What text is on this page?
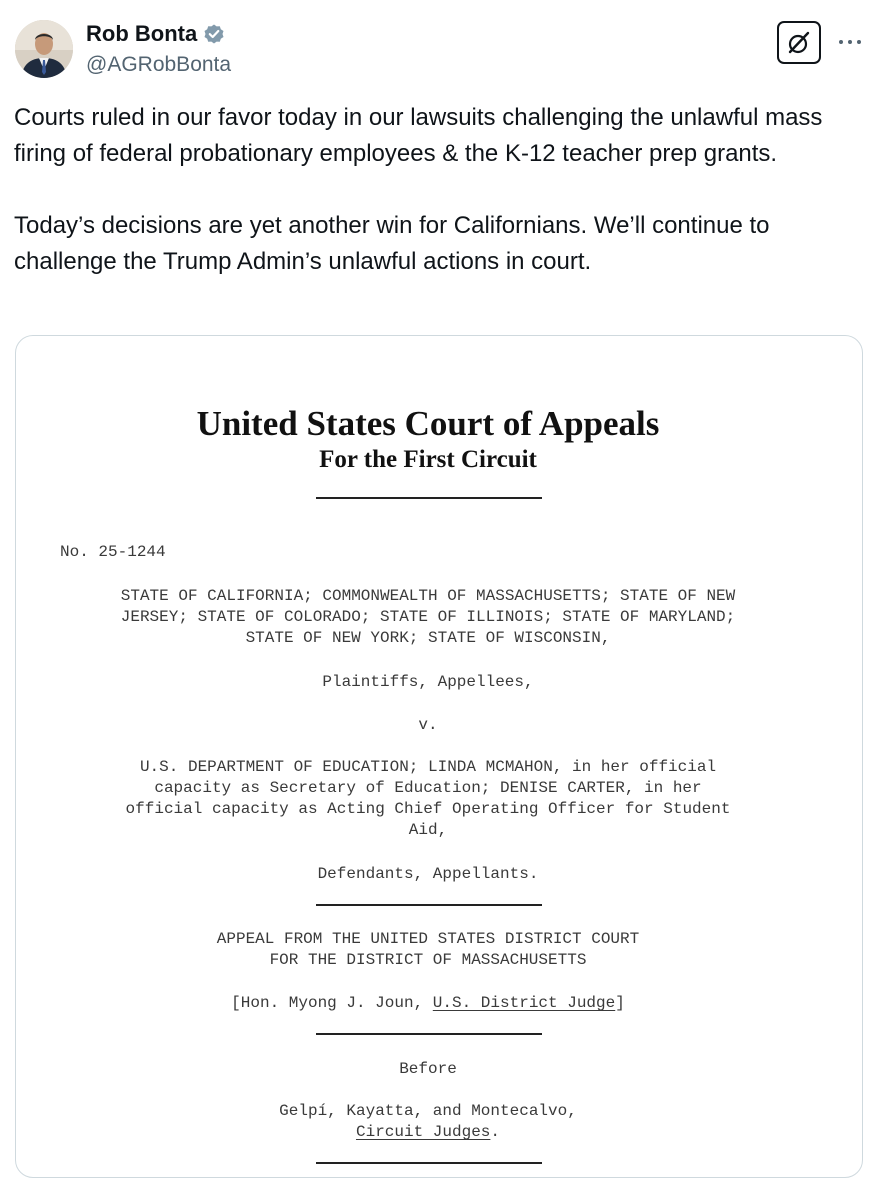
Rob Bonta
@AGRobBonta

Courts ruled in our favor today in our lawsuits challenging the unlawful mass firing of federal probationary employees & the K-12 teacher prep grants.

Today’s decisions are yet another win for Californians. We’ll continue to challenge the Trump Admin’s unlawful actions in court.

United States Court of Appeals
For the First Circuit
No. 25-1244
STATE OF CALIFORNIA; COMMONWEALTH OF MASSACHUSETTS; STATE OF NEW
JERSEY; STATE OF COLORADO; STATE OF ILLINOIS; STATE OF MARYLAND;
STATE OF NEW YORK; STATE OF WISCONSIN,
Plaintiffs, Appellees,
v.
U.S. DEPARTMENT OF EDUCATION; LINDA MCMAHON, in her official
capacity as Secretary of Education; DENISE CARTER, in her
official capacity as Acting Chief Operating Officer for Student
Aid,
Defendants, Appellants.
APPEAL FROM THE UNITED STATES DISTRICT COURT
FOR THE DISTRICT OF MASSACHUSETTS
[Hon. Myong J. Joun, U.S. District Judge]
Before
Gelpí, Kayatta, and Montecalvo,
Circuit Judges.
